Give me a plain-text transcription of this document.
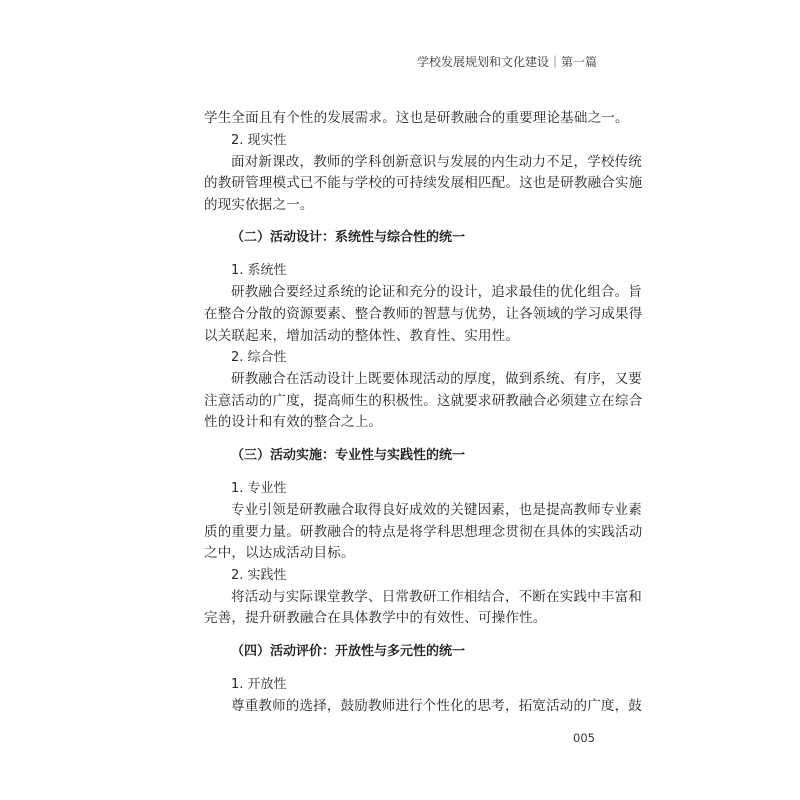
学校发展规划和文化建设｜第一篇
学生全面且有个性的发展需求。这也是研教融合的重要理论基础之一。
2. 现实性
面对新课改，教师的学科创新意识与发展的内生动力不足，学校传统
的教研管理模式已不能与学校的可持续发展相匹配。这也是研教融合实施
的现实依据之一。
（二）活动设计：系统性与综合性的统一
1. 系统性
研教融合要经过系统的论证和充分的设计，追求最佳的优化组合。旨
在整合分散的资源要素、整合教师的智慧与优势，让各领域的学习成果得
以关联起来，增加活动的整体性、教育性、实用性。
2. 综合性
研教融合在活动设计上既要体现活动的厚度，做到系统、有序，又要
注意活动的广度，提高师生的积极性。这就要求研教融合必须建立在综合
性的设计和有效的整合之上。
（三）活动实施：专业性与实践性的统一
1. 专业性
专业引领是研教融合取得良好成效的关键因素，也是提高教师专业素
质的重要力量。研教融合的特点是将学科思想理念贯彻在具体的实践活动
之中，以达成活动目标。
2. 实践性
将活动与实际课堂教学、日常教研工作相结合，不断在实践中丰富和
完善，提升研教融合在具体教学中的有效性、可操作性。
（四）活动评价：开放性与多元性的统一
1. 开放性
尊重教师的选择，鼓励教师进行个性化的思考，拓宽活动的广度，鼓
005
